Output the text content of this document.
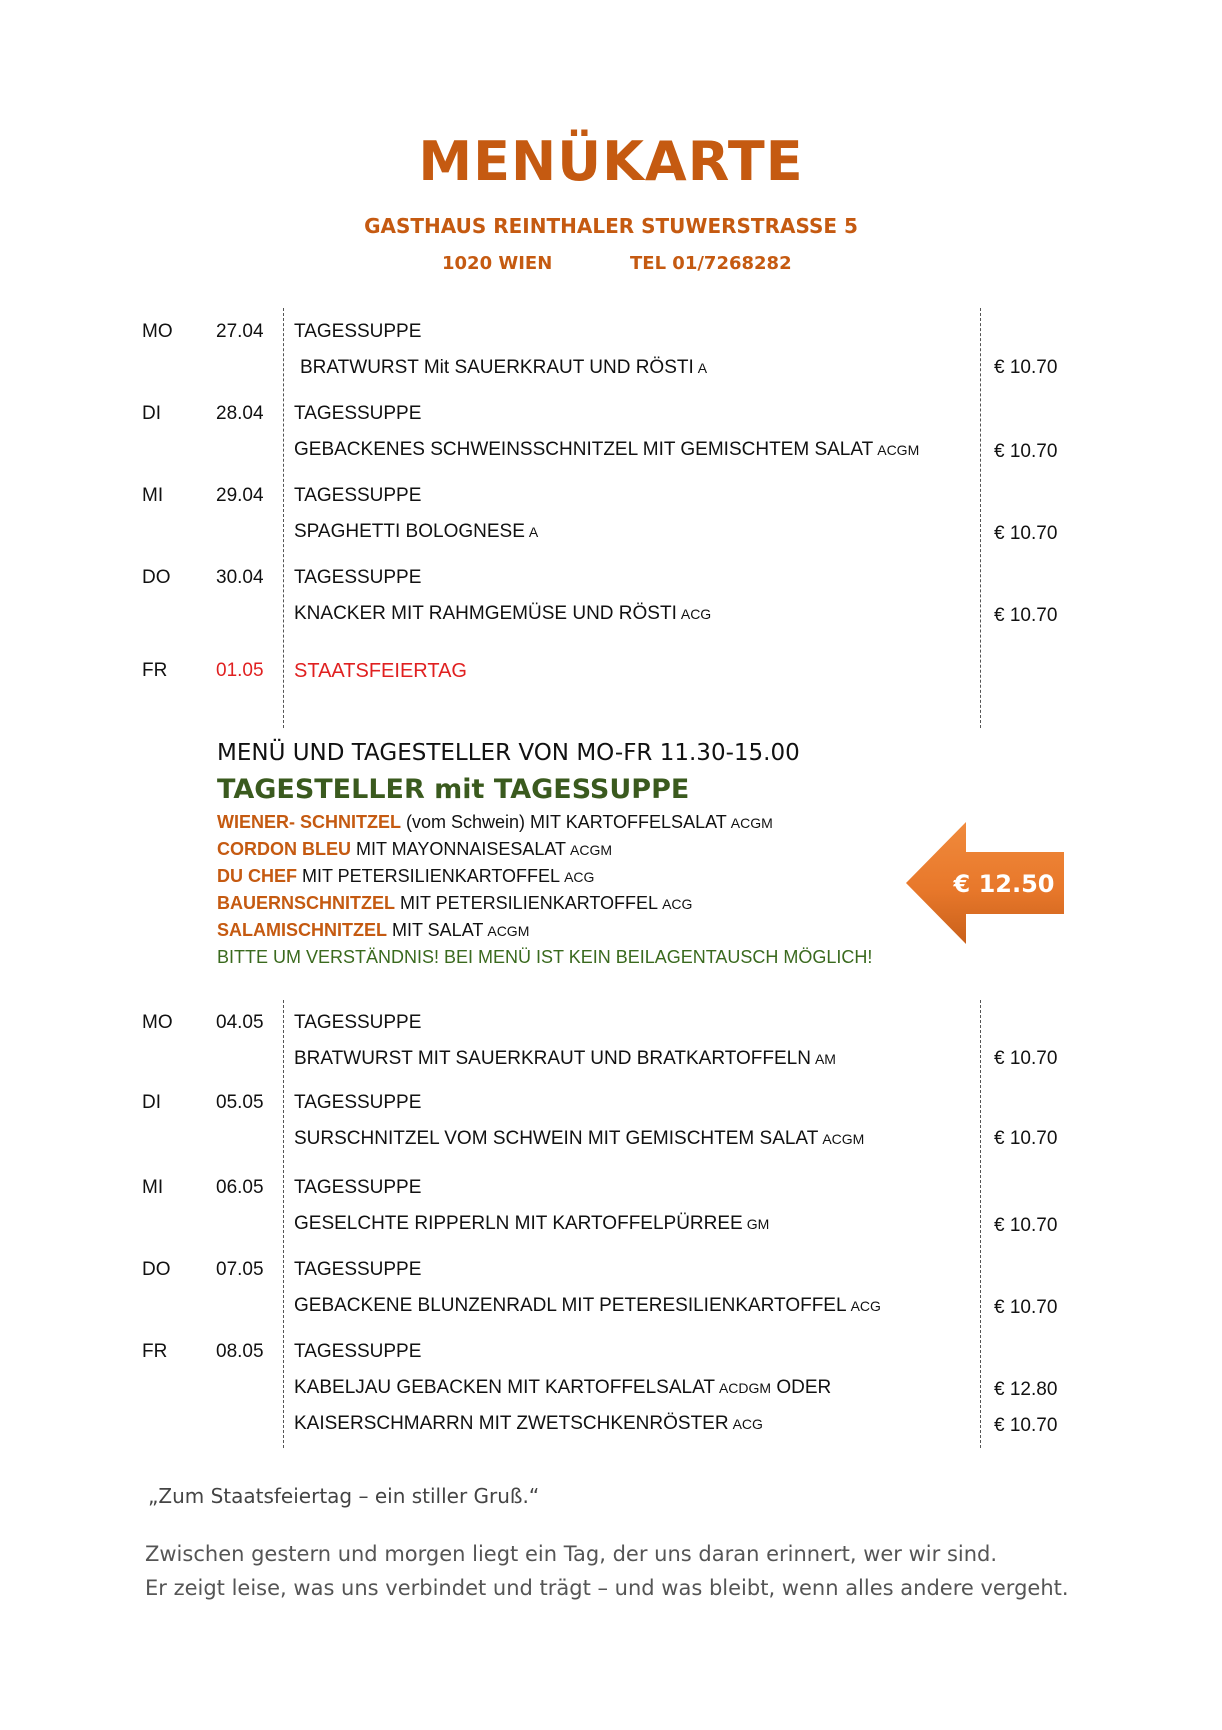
MENÜKARTE
GASTHAUS REINTHALER STUWERSTRASSE 5
1020 WIEN	TEL 01/7268282
MO 27.04 TAGESSUPPE
BRATWURST Mit SAUERKRAUT UND RÖSTI A	€ 10.70
DI	28.04 TAGESSUPPE
GEBACKENES SCHWEINSSCHNITZEL MIT GEMISCHTEM SALAT ACGM	€ 10.70
MI	29.04 TAGESSUPPE
SPAGHETTI BOLOGNESE A	€ 10.70
DO 30.04 TAGESSUPPE
KNACKER MIT RAHMGEMÜSE UND RÖSTI ACG	€ 10.70
FR	01.05 STAATSFEIERTAG
MENÜ UND TAGESTELLER VON MO-FR 11.30-15.00
TAGESTELLER mit TAGESSUPPE
WIENER- SCHNITZEL (vom Schwein) MIT KARTOFFELSALAT ACGM
CORDON BLEU MIT MAYONNAISESALAT ACGM
DU CHEF MIT PETERSILIENKARTOFFEL ACG
BAUERNSCHNITZEL MIT PETERSILIENKARTOFFEL ACG
SALAMISCHNITZEL MIT SALAT ACGM
BITTE UM VERSTÄNDNIS! BEI MENÜ IST KEIN BEILAGENTAUSCH MÖGLICH!
€ 12.50
MO 04.05 TAGESSUPPE
BRATWURST MIT SAUERKRAUT UND BRATKARTOFFELN AM	€ 10.70
DI	05.05 TAGESSUPPE
SURSCHNITZEL VOM SCHWEIN MIT GEMISCHTEM SALAT ACGM	€ 10.70
MI	06.05 TAGESSUPPE
GESELCHTE RIPPERLN MIT KARTOFFELPÜRREE GM	€ 10.70
DO 07.05 TAGESSUPPE
GEBACKENE BLUNZENRADL MIT PETERESILIENKARTOFFEL ACG	€ 10.70
FR	08.05 TAGESSUPPE
KABELJAU GEBACKEN MIT KARTOFFELSALAT ACDGM ODER	€ 12.80
KAISERSCHMARRN MIT ZWETSCHKENRÖSTER ACG	€ 10.70
„Zum Staatsfeiertag – ein stiller Gruß.“
Zwischen gestern und morgen liegt ein Tag, der uns daran erinnert, wer wir sind.
Er zeigt leise, was uns verbindet und trägt – und was bleibt, wenn alles andere vergeht.
